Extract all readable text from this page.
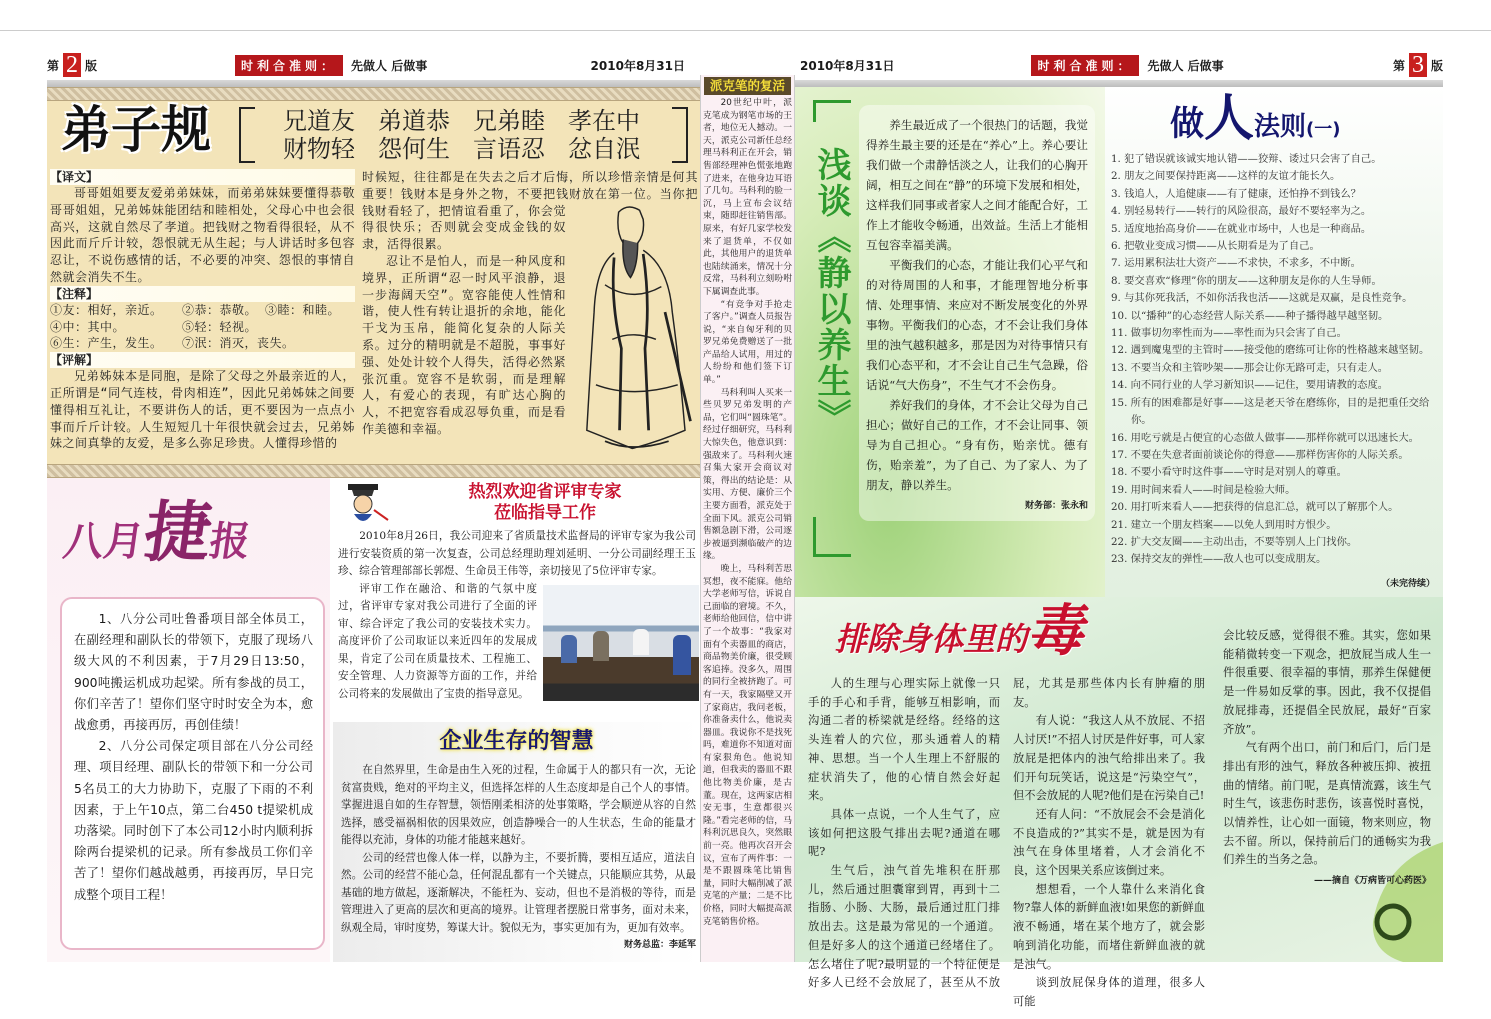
第 2 版	时利合准则：	先做人 后做事	2010年8月31日	2010年8月31日	时利合准则：	先做人 后做事	第 3 版
弟子规	兄道友 弟道恭 兄弟睦 孝在中
财物轻 怨何生 言语忍 忿自泯
【译文】

哥哥姐姐要友爱弟弟妹妹，而弟弟妹妹要懂得恭敬哥哥姐姐，兄弟姊妹能团结和睦相处，父母心中也会很高兴，这就自然尽了孝道。把钱财之物看得很轻，从不因此而斤斤计较，怨恨就无从生起；与人讲话时多包容忍让，不说伤感情的话，不必要的冲突、怨恨的事情自然就会消失不生。

【注释】
①友：相好，亲近。	②恭：恭敬。 ③睦：和睦。
④中：其中。	⑤轻：轻视。
⑥生：产生，发生。	⑦泯：消灭，丧失。
【评解】

兄弟姊妹本是同胞，是除了父母之外最亲近的人，正所谓是“同气连枝，骨肉相连”，因此兄弟姊妹之间要懂得相互礼让，不要讲伤人的话，更不要因为一点点小事而斤斤计较。人生短短几十年很快就会过去，兄弟姊妹之间真挚的友爱，是多么弥足珍贵。人懂得珍惜的

时候短，往往都是在失去之后才后悔，所以珍惜亲情是何其重要！钱财本是身外之物，不要把钱财放在第一位。当你把钱财看轻了，把情谊看重了，你会觉得很快乐；否则就会变成金钱的奴隶，活得很累。

忍让不是怕人，而是一种风度和境界，正所谓“忍一时风平浪静，退一步海阔天空”。宽容能使人性情和谐，使人性有转让退折的余地，能化干戈为玉帛，能简化复杂的人际关系。过分的精明就是不超脱，事事好强、处处计较个人得失，活得必然紧张沉重。宽容不是软弱，而是理解人，有爱心的表现，有旷达心胸的人，不把宽容看成忍辱负重，而是看作美德和幸福。

八月捷报

1、八分公司吐鲁番项目部全体员工，在副经理和副队长的带领下，克服了现场八级大风的不利因素，于7月29日13:50，900吨搬运机成功起梁。所有参战的员工，你们辛苦了！望你们坚守时时安全为本，愈战愈勇，再接再厉，再创佳绩！

2、八分公司保定项目部在八分公司经理、项目经理、副队长的带领下和一分公司5名员工的大力协助下，克服了下雨的不利因素，于上午10点，第二台450 t提梁机成功落梁。同时创下了本公司12小时内顺利拆除两台提梁机的记录。所有参战员工你们辛苦了！望你们越战越勇，再接再厉，早日完成整个项目工程！

热烈欢迎省评审专家
莅临指导工作

2010年8月26日，我公司迎来了省质量技术监督局的评审专家为我公司进行安装资质的第一次复查，公司总经理助理刘延明、一分公司副经理王玉珍、综合管理部部长郭煜、生命员王伟等，亲切接见了5位评审专家。

评审工作在融洽、和谐的气氛中度过，省评审专家对我公司进行了全面的评审、综合评定了我公司的安装技术实力。高度评价了公司取证以来近四年的发展成果，肯定了公司在质量技术、工程施工、安全管理、人力资源等方面的工作，并给公司将来的发展做出了宝贵的指导意见。

企业生存的智慧

在自然界里，生命是由生入死的过程，生命属于人的都只有一次，无论贫富贵贱，绝对的平均主义，但选择怎样的人生态度却是自己个人的事情。掌握进退自如的生存智慧，领悟刚柔相济的处事策略，学会顺逆从容的自然选择，感受福祸相依的因果效应，创造静噪合一的人生状态，生命的能量才能得以充沛，身体的功能才能越来越好。

公司的经营也像人体一样，以静为主，不要折腾，要相互适应，道法自然。公司的经营不能心急，任何混乱都有一个关键点，只能顺应其势，从最基础的地方做起，逐渐解决，不能枉为、妄动，但也不是消极的等待，而是管理进入了更高的层次和更高的境界。让管理者摆脱日常事务，面对未来，纵观全局，审时度势，筹谋大计。貌似无为，事实更加有为，更加有效率。
财务总监：李延军
派克笔的复活

20世纪中叶，派克笔成为钢笔市场的王者，地位无人撼动。一天，派克公司新任总经理马科利正在开会，销售部经理神色慌张地跑了进来，在他身边耳语了几句。马科利的脸一沉，马上宣布会议结束，随即赶往销售部。原来，有好几家学校发来了退货单，不仅如此，其他用户的退货单也陆续涌来，情况十分反常，马科利立刻吩咐下属调查此事。

“有竞争对手抢走了客户。”调查人员报告说，“来自匈牙利的贝罗兄弟免费赠送了一批产品给人试用，用过的人纷纷和他们签下订单。”

马科利叫人买来一些贝罗兄弟发明的产品，它们叫“圆珠笔”。经过仔细研究，马科利大惊失色，他意识到：强敌来了。马科利火速召集大家开会商议对策，得出的结论是：从实用、方便、廉价三个主要方面看，派克处于全面下风。派克公司销售额急剧下滑，公司逐步被逼到濒临破产的边缘。

晚上，马科利苦思冥想，夜不能寐。他给大学老师写信，诉说自己面临的窘境。不久，老师给他回信，信中讲了一个故事：“我家对面有个卖器皿的商店，商品物美价廉，很受顾客追捧。没多久，周围的同行全被挤跑了。可有一天，我家隔壁又开了家商店，我问老板，你准备卖什么，他说卖器皿。我说你不是找死吗，难道你不知道对面有家狠角色。他说知道，但我卖的器皿不跟他比物美价廉，是古董。现在，这两家店相安无事，生意都很兴隆。”看完老师的信，马科利沉思良久，突然眼前一亮。他再次召开会议，宣布了两件事：一是不跟圆珠笔比销售量，同时大幅削减了派克笔的产量；二是不比价格，同时大幅提高派克笔销售价格。

浅谈《静以养生》

养生最近成了一个很热门的话题，我觉得养生最主要的还是在“养心”上。养心要让我们做一个肃静恬淡之人，让我们的心胸开阔，相互之间在“静”的环境下发展和相处，这样我们同事或者家人之间才能配合好，工作上才能收令畅通，出效益。生活上才能相互包容幸福美满。

平衡我们的心态，才能让我们心平气和的对待周围的人和事，才能理智地分析事情、处理事情、来应对不断发展变化的外界事物。平衡我们的心态，才不会让我们身体里的浊气越积越多，那是因为对待事情只有我们心态平和，才不会让自己生气急躁，俗话说“气大伤身”，不生气才不会伤身。

养好我们的身体，才不会让父母为自己担心；做好自己的工作，才不会让同事、领导为自己担心。“身有伤，贻亲忧。德有伤，贻亲羞”，为了自己、为了家人、为了朋友，静以养生。

财务部：张永和
做人法则(一)
1. 犯了错误就该诚实地认错——狡辩、诿过只会害了自己。
2. 朋友之间要保持距离——这样的友谊才能长久。
3. 钱追人，人追健康——有了健康，还怕挣不到钱么？
4. 别轻易转行——转行的风险很高，最好不要轻率为之。
5. 适度地抬高身价——在就业市场中，人也是一种商品。
6. 把敬业变成习惯——从长期看是为了自己。
7. 运用累积法壮大资产——不求快，不求多，不中断。
8. 要交喜欢“修理”你的朋友——这种朋友是你的人生导师。
9. 与其你死我活，不如你活我也活——这就是双赢，是良性竞争。
10. 以“播种”的心态经营人际关系——种子播得越早越坚韧。
11. 做事切勿率性而为——率性而为只会害了自己。
12. 遇到魔鬼型的主管时——接受他的磨练可让你的性格越来越坚韧。
13. 不要当众和主管吵架——那会让你无路可走，只有走人。
14. 向不同行业的人学习新知识——记住，要用请教的态度。
15. 所有的困难都是好事——这是老天爷在磨练你，目的是把重任交给你。
16. 用吃亏就是占便宜的心态做人做事——那样你就可以迅速长大。
17. 不要在失意者面前谈论你的得意——那样伤害你的人际关系。
18. 不要小看守时这件事——守时是对别人的尊重。
19. 用时间来看人——时间是检验大师。
20. 用打听来看人——把获得的信息汇总，就可以了解那个人。
21. 建立一个朋友档案——以免人到用时方恨少。
22. 扩大交友圈——主动出击，不要等别人上门找你。
23. 保持交友的弹性——敌人也可以变成朋友。
（未完待续）
排除身体里的 毒

人的生理与心理实际上就像一只手的手心和手背，能够互相影响，而沟通二者的桥梁就是经络。经络的这头连着人的穴位，那头通着人的精神、思想。当一个人生理上不舒服的症状消失了，他的心情自然会好起来。

具体一点说，一个人生气了，应该如何把这股气排出去呢?通道在哪呢?

生气后，浊气首先堆积在肝那儿，然后通过胆囊窜到胃，再到十二指肠、小肠、大肠，最后通过肛门排放出去。这是最为常见的一个通道。但是好多人的这个通道已经堵住了。怎么堵住了呢?最明显的一个特征便是好多人已经不会放屁了，甚至从不放屁，尤其是那些体内长有肿瘤的朋友。

有人说：“我这人从不放屁、不招人讨厌!”不招人讨厌是件好事，可人家放屁是把体内的浊气给排出来了。我们开句玩笑话，说这是“污染空气”，但不会放屁的人呢?他们是在污染自己!

还有人问：“不放屁会不会是消化不良造成的?”其实不是，就是因为有浊气在身体里堵着，人才会消化不良，这个因果关系应该倒过来。

想想看，一个人靠什么来消化食物?靠人体的新鲜血液!如果您的新鲜血液不畅通，堵在某个地方了，就会影响到消化功能，而堵住新鲜血液的就是浊气。

谈到放屁保身体的道理，很多人可能

会比较反感，觉得很不雅。其实，您如果能稍微转变一下观念，把放屁当成人生一件很重要、很幸福的事情，那养生保健便是一件易如反掌的事。因此，我不仅提倡放屁排毒，还提倡全民放屁，最好“百家齐放”。

气有两个出口，前门和后门，后门是排出有形的浊气，释放各种被压抑、被扭曲的情绪。前门呢，是真情流露，该生气时生气，该悲伤时悲伤，该喜悦时喜悦，以情养性，让心如一面镜，物来则应，物去不留。所以，保持前后门的通畅实为我们养生的当务之急。

——摘自《万病皆可心药医》
